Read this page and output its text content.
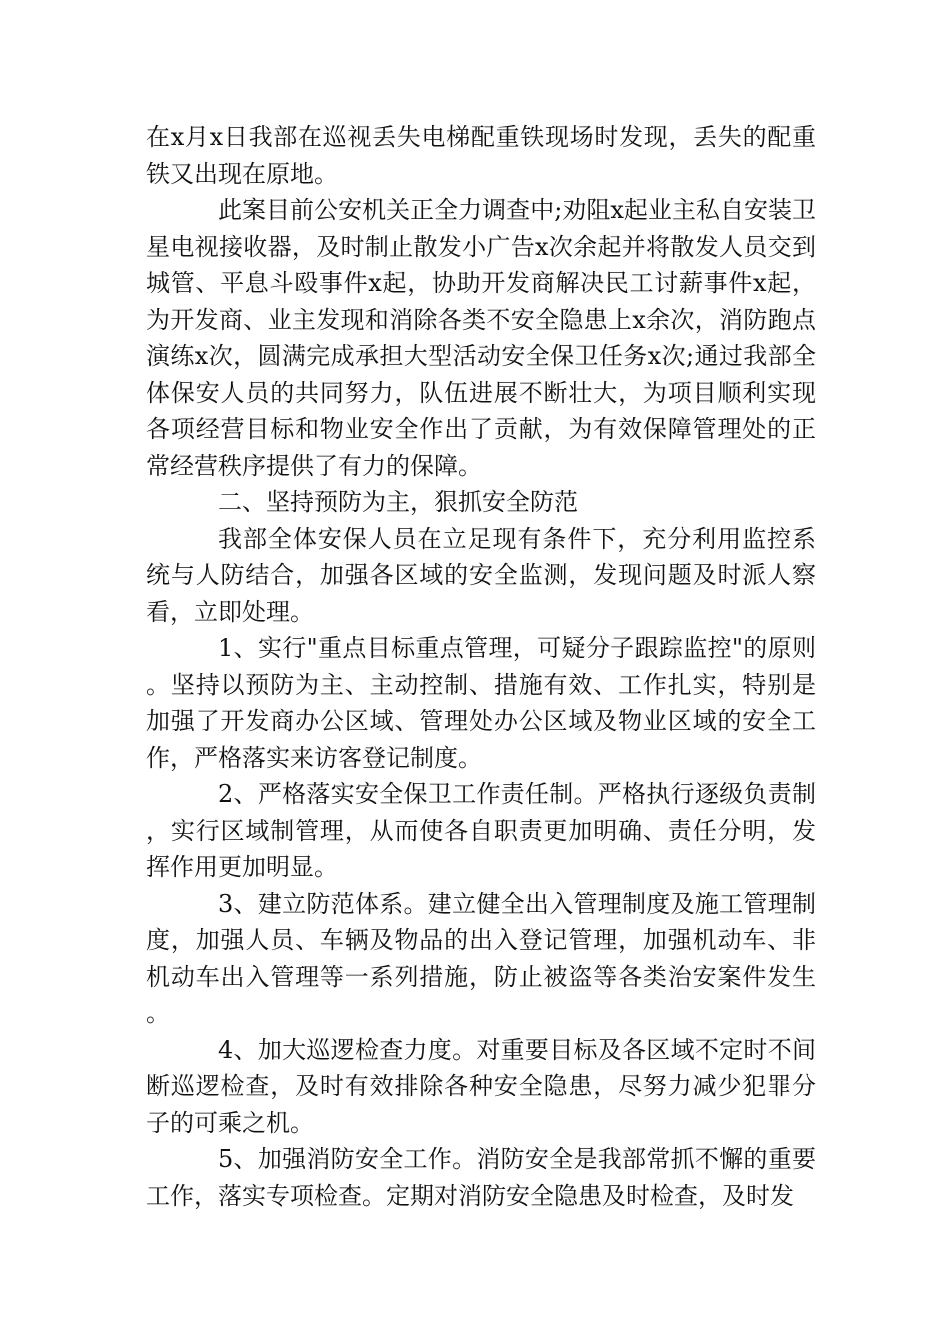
在x月x日我部在巡视丢失电梯配重铁现场时发现，丢失的配重铁又出现在原地。

此案目前公安机关正全力调查中;劝阻x起业主私自安装卫星电视接收器，及时制止散发小广告x次余起并将散发人员交到城管、平息斗殴事件x起，协助开发商解决民工讨薪事件x起，为开发商、业主发现和消除各类不安全隐患上x余次，消防跑点演练x次，圆满完成承担大型活动安全保卫任务x次;通过我部全体保安人员的共同努力，队伍进展不断壮大，为项目顺利实现各项经营目标和物业安全作出了贡献，为有效保障管理处的正常经营秩序提供了有力的保障。

二、坚持预防为主，狠抓安全防范

我部全体安保人员在立足现有条件下，充分利用监控系统与人防结合，加强各区域的安全监测，发现问题及时派人察看，立即处理。

1、实行"重点目标重点管理，可疑分子跟踪监控"的原则。坚持以预防为主、主动控制、措施有效、工作扎实，特别是加强了开发商办公区域、管理处办公区域及物业区域的安全工作，严格落实来访客登记制度。

2、严格落实安全保卫工作责任制。严格执行逐级负责制，实行区域制管理，从而使各自职责更加明确、责任分明，发挥作用更加明显。

3、建立防范体系。建立健全出入管理制度及施工管理制度，加强人员、车辆及物品的出入登记管理，加强机动车、非机动车出入管理等一系列措施，防止被盗等各类治安案件发生。

4、加大巡逻检查力度。对重要目标及各区域不定时不间断巡逻检查，及时有效排除各种安全隐患，尽努力减少犯罪分子的可乘之机。

5、加强消防安全工作。消防安全是我部常抓不懈的重要工作，落实专项检查。定期对消防安全隐患及时检查，及时发
